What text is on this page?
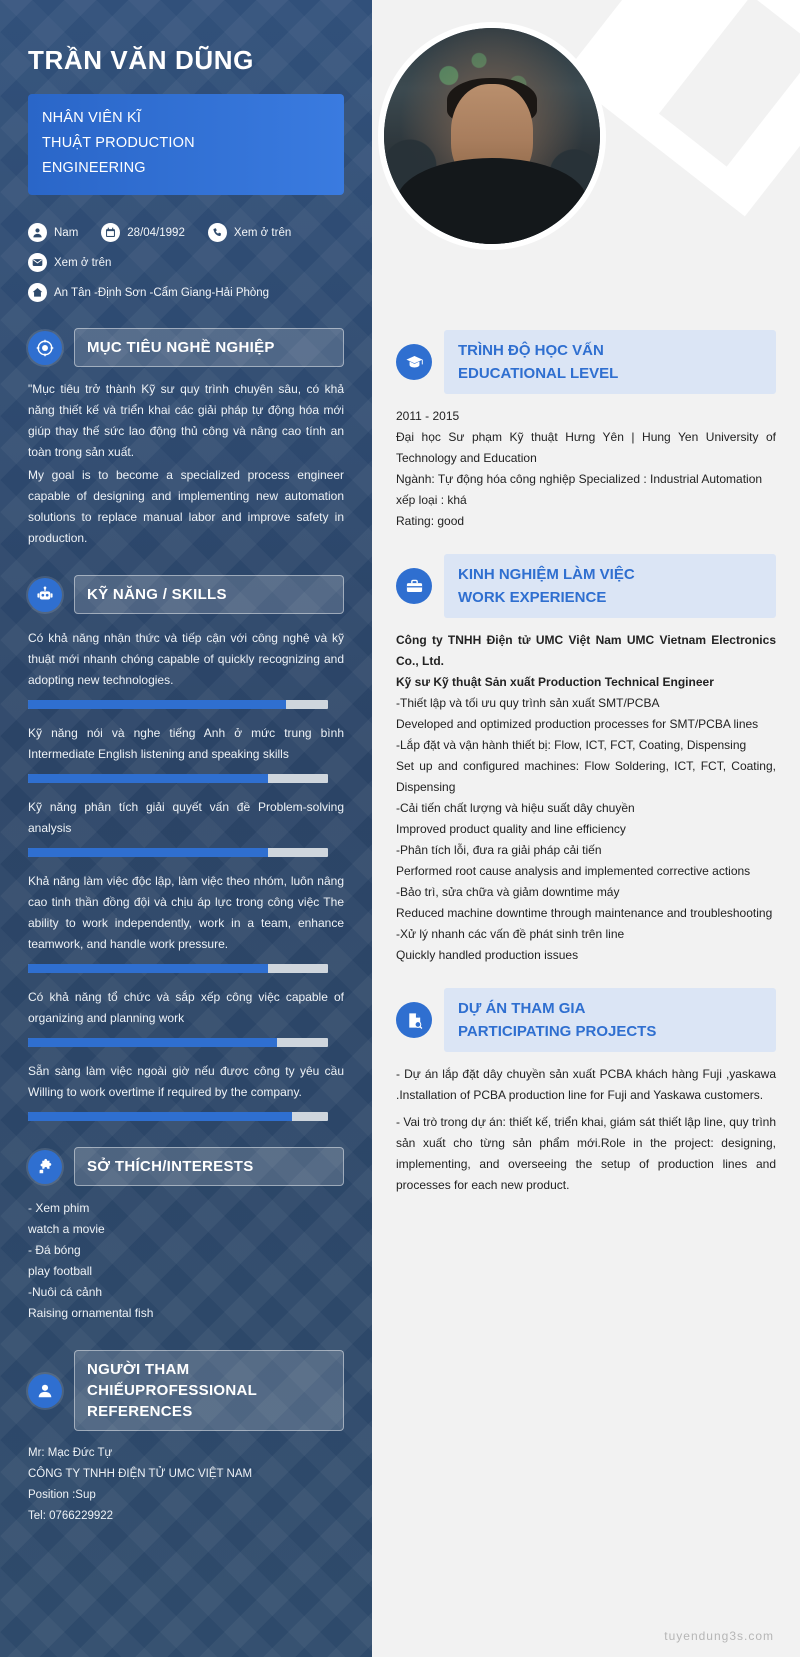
TRẦN VĂN DŨNG
NHÂN VIÊN KĨ
THUẬT PRODUCTION
ENGINEERING
Nam	28/04/1992	Xem ở trên
Xem ở trên
An Tân -Định Sơn -Cẩm Giang-Hải Phòng
MỤC TIÊU NGHỀ NGHIỆP
"Mục tiêu trở thành Kỹ sư quy trình chuyên sâu, có khả năng thiết kế và triển khai các giải pháp tự động hóa mới giúp thay thế sức lao động thủ công và nâng cao tính an toàn trong sản xuất.
My goal is to become a specialized process engineer capable of designing and implementing new automation solutions to replace manual labor and improve safety in production.
KỸ NĂNG / SKILLS
Có khả năng nhận thức và tiếp cận với công nghệ và kỹ thuật mới nhanh chóng capable of quickly recognizing and adopting new technologies.
Kỹ năng nói và nghe tiếng Anh ở mức trung bình Intermediate English listening and speaking skills
Kỹ năng phân tích giải quyết vấn đề Problem-solving analysis
Khả năng làm việc độc lập, làm việc theo nhóm, luôn nâng cao tinh thần đồng đội và chịu áp lực trong công việc The ability to work independently, work in a team, enhance teamwork, and handle work pressure.
Có khả năng tổ chức và sắp xếp công việc capable of organizing and planning work
Sẵn sàng làm việc ngoài giờ nếu được công ty yêu cầu Willing to work overtime if required by the company.
SỞ THÍCH/INTERESTS
- Xem phim
watch a movie
- Đá bóng
play football
-Nuôi cá cảnh
Raising ornamental fish
NGƯỜI THAM
CHIẾUPROFESSIONAL
REFERENCES
Mr: Mạc Đức Tự
CÔNG TY TNHH ĐIỆN TỬ UMC VIỆT NAM
Position :Sup
Tel: 0766229922
TRÌNH ĐỘ HỌC VẤN
EDUCATIONAL LEVEL
2011 - 2015
Đại học Sư phạm Kỹ thuật Hưng Yên | Hung Yen University of Technology and Education
Ngành: Tự động hóa công nghiệp Specialized : Industrial Automation
xếp loại : khá
Rating: good
KINH NGHIỆM LÀM VIỆC
WORK EXPERIENCE
Công ty TNHH Điện tử UMC Việt Nam UMC Vietnam Electronics Co., Ltd.
Kỹ sư Kỹ thuật Sản xuất Production Technical Engineer
-Thiết lập và tối ưu quy trình sản xuất SMT/PCBA
Developed and optimized production processes for SMT/PCBA lines
-Lắp đặt và vận hành thiết bị: Flow, ICT, FCT, Coating, Dispensing
Set up and configured machines: Flow Soldering, ICT, FCT, Coating, Dispensing
-Cải tiến chất lượng và hiệu suất dây chuyền
Improved product quality and line efficiency
-Phân tích lỗi, đưa ra giải pháp cải tiến
Performed root cause analysis and implemented corrective actions
-Bảo trì, sửa chữa và giảm downtime máy
Reduced machine downtime through maintenance and troubleshooting
-Xử lý nhanh các vấn đề phát sinh trên line
Quickly handled production issues
DỰ ÁN THAM GIA
PARTICIPATING PROJECTS
- Dự án lắp đặt dây chuyền sản xuất PCBA khách hàng Fuji ,yaskawa .Installation of PCBA production line for Fuji and Yaskawa customers.
- Vai trò trong dự án: thiết kế, triển khai, giám sát thiết lập line, quy trình sản xuất cho từng sản phẩm mới.Role in the project: designing, implementing, and overseeing the setup of production lines and processes for each new product.
tuyendung3s.com
